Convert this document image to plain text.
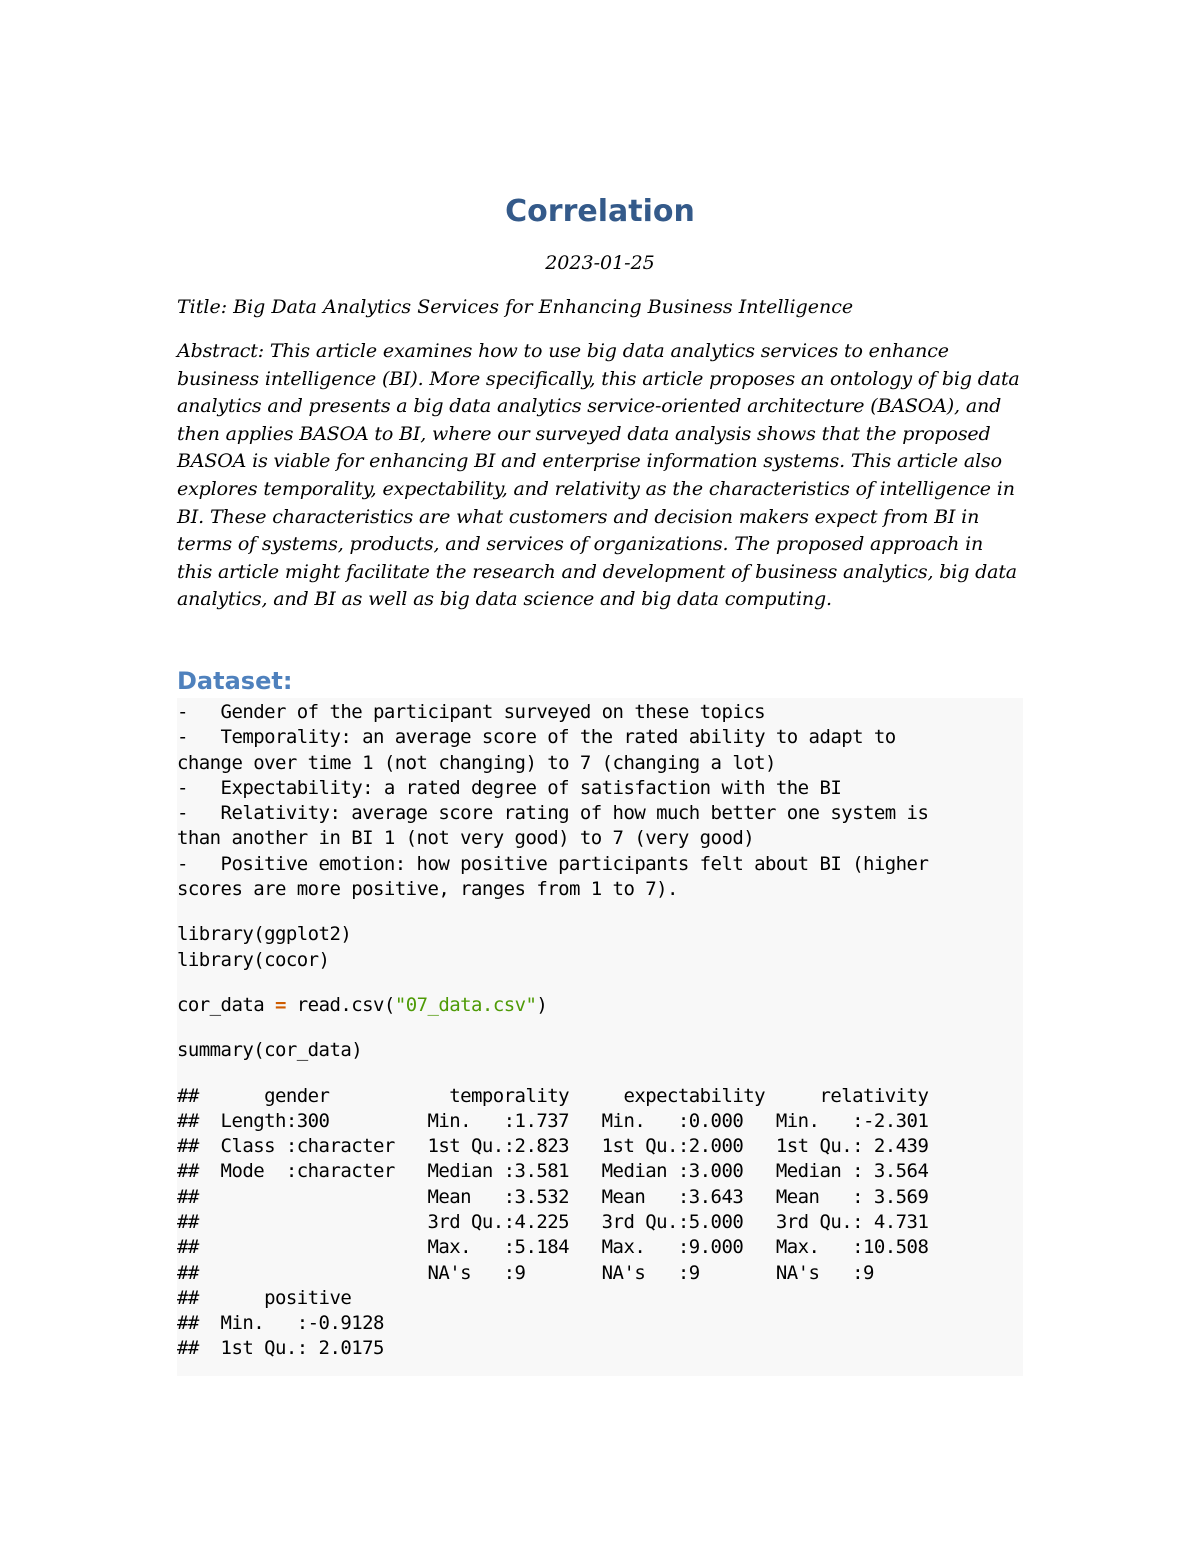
Correlation

2023-01-25

Title: Big Data Analytics Services for Enhancing Business Intelligence

Abstract: This article examines how to use big data analytics services to enhance business intelligence (BI). More specifically, this article proposes an ontology of big data analytics and presents a big data analytics service-oriented architecture (BASOA), and then applies BASOA to BI, where our surveyed data analysis shows that the proposed BASOA is viable for enhancing BI and enterprise information systems. This article also explores temporality, expectability, and relativity as the characteristics of intelligence in BI. These characteristics are what customers and decision makers expect from BI in terms of systems, products, and services of organizations. The proposed approach in this article might facilitate the research and development of business analytics, big data analytics, and BI as well as big data science and big data computing.

Dataset:
-   Gender of the participant surveyed on these topics
-   Temporality: an average score of the rated ability to adapt to
change over time 1 (not changing) to 7 (changing a lot)
-   Expectability: a rated degree of satisfaction with the BI
-   Relativity: average score rating of how much better one system is
than another in BI 1 (not very good) to 7 (very good)
-   Positive emotion: how positive participants felt about BI (higher
scores are more positive, ranges from 1 to 7).
library(ggplot2)
library(cocor)
cor_data = read.csv("07_data.csv")
summary(cor_data)
##      gender           temporality     expectability     relativity
##  Length:300         Min.   :1.737   Min.   :0.000   Min.   :-2.301
##  Class :character   1st Qu.:2.823   1st Qu.:2.000   1st Qu.: 2.439
##  Mode  :character   Median :3.581   Median :3.000   Median : 3.564
##                     Mean   :3.532   Mean   :3.643   Mean   : 3.569
##                     3rd Qu.:4.225   3rd Qu.:5.000   3rd Qu.: 4.731
##                     Max.   :5.184   Max.   :9.000   Max.   :10.508
##                     NA's   :9       NA's   :9       NA's   :9
##      positive
##  Min.   :-0.9128
##  1st Qu.: 2.0175
